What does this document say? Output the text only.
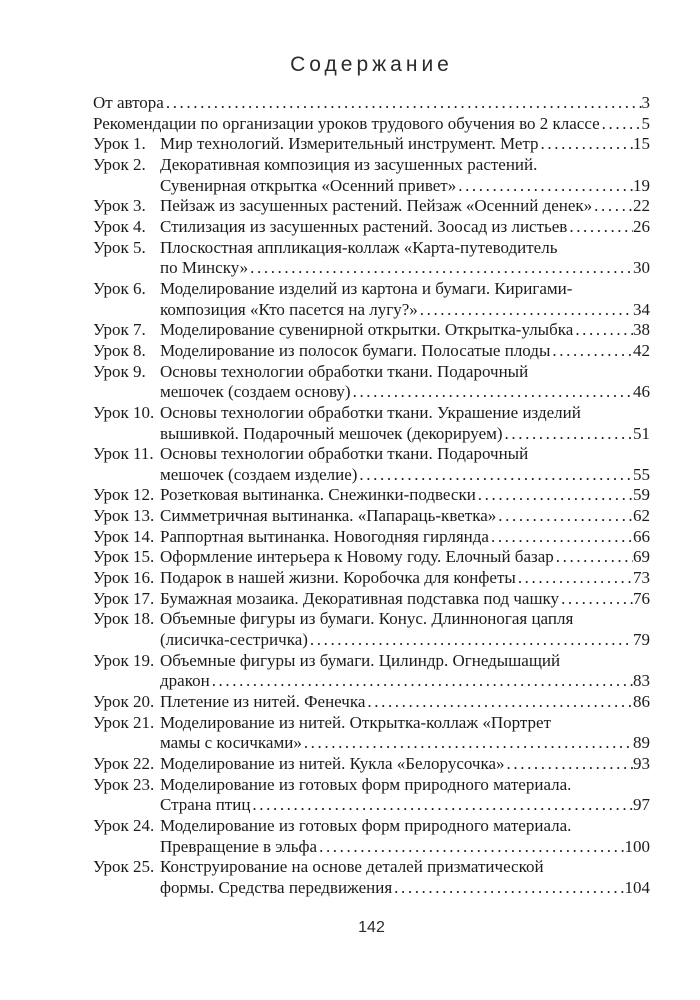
Содержание
От автора .....	3
Рекомендации по организации уроков трудового обучения во 2 классе ..... 5
Урок 1. Мир технологий. Измерительный инструмент. Метр .....	15
Урок 2. Декоративная композиция из засушенных растений.
Сувенирная открытка «Осенний привет» .....	19
Урок 3. Пейзаж из засушенных растений. Пейзаж «Осенний денек» ..... 22
Урок 4. Стилизация из засушенных растений. Зоосад из листьев .....	26
Урок 5. Плоскостная аппликация-коллаж «Карта-путеводитель
по Минску» .....	30
Урок 6. Моделирование изделий из картона и бумаги. Киригами-
композиция «Кто пасется на лугу?» .....	34
Урок 7. Моделирование сувенирной открытки. Открытка-улыбка .....	38
Урок 8. Моделирование из полосок бумаги. Полосатые плоды .....	42
Урок 9. Основы технологии обработки ткани. Подарочный
мешочек (создаем основу) .....	46
Урок 10. Основы технологии обработки ткани. Украшение изделий
вышивкой. Подарочный мешочек (декорируем) .....	51
Урок 11. Основы технологии обработки ткани. Подарочный
мешочек (создаем изделие) .....	55
Урок 12. Розетковая вытинанка. Снежинки-подвески .....	59
Урок 13. Симметричная вытинанка. «Папараць-кветка» .....	62
Урок 14. Раппортная вытинанка. Новогодняя гирлянда .....	66
Урок 15. Оформление интерьера к Новому году. Елочный базар .....	69
Урок 16. Подарок в нашей жизни. Коробочка для конфеты .....	73
Урок 17. Бумажная мозаика. Декоративная подставка под чашку .....	76
Урок 18. Объемные фигуры из бумаги. Конус. Длинноногая цапля
(лисичка-сестричка) .....	79
Урок 19. Объемные фигуры из бумаги. Цилиндр. Огнедышащий
дракон .....	83
Урок 20. Плетение из нитей. Фенечка .....	86
Урок 21. Моделирование из нитей. Открытка-коллаж «Портрет
мамы с косичками» .....	89
Урок 22. Моделирование из нитей. Кукла «Белорусочка» .....	93
Урок 23. Моделирование из готовых форм природного материала.
Страна птиц .....	97
Урок 24. Моделирование из готовых форм природного материала.
Превращение в эльфа .....	100
Урок 25. Конструирование на основе деталей призматической
формы. Средства передвижения .....	104
142
